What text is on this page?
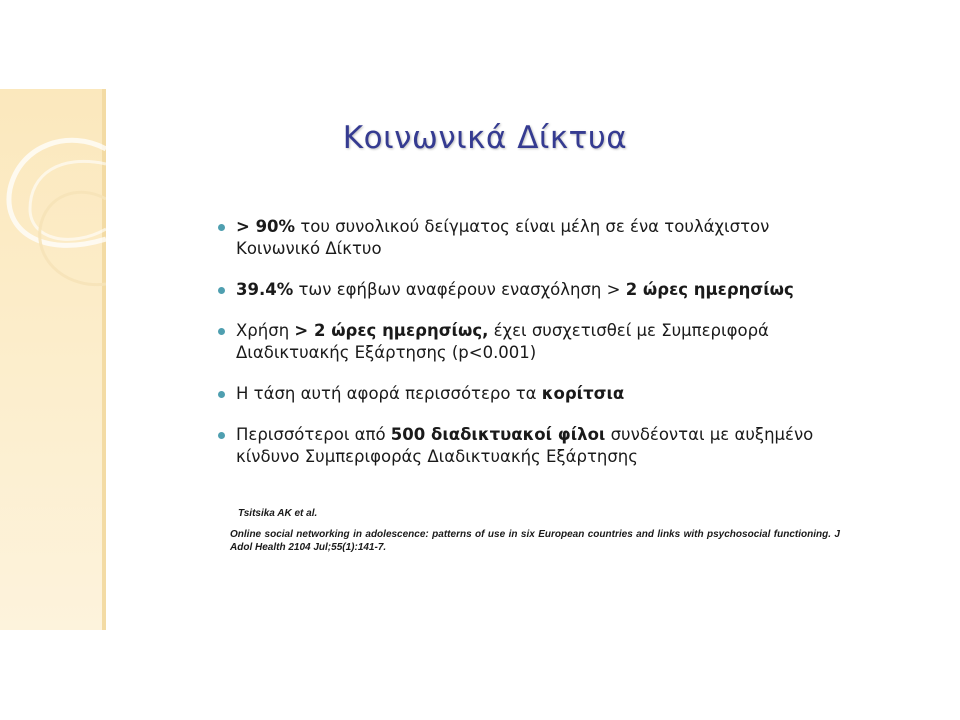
Κοινωνικά Δίκτυα
> 90% του συνολικού δείγματος είναι μέλη σε ένα τουλάχιστον Κοινωνικό Δίκτυο
39.4% των εφήβων αναφέρουν ενασχόληση > 2 ώρες ημερησίως
Χρήση > 2 ώρες ημερησίως, έχει συσχετισθεί με Συμπεριφορά Διαδικτυακής Εξάρτησης (p<0.001)
Η τάση αυτή αφορά περισσότερο τα κορίτσια
Περισσότεροι από 500 διαδικτυακοί φίλοι συνδέονται με αυξημένο κίνδυνο Συμπεριφοράς Διαδικτυακής Εξάρτησης
Tsitsika AK et al.
Online social networking in adolescence: patterns of use in six European countries and links with psychosocial functioning. J Adol Health 2104 Jul;55(1):141-7.
